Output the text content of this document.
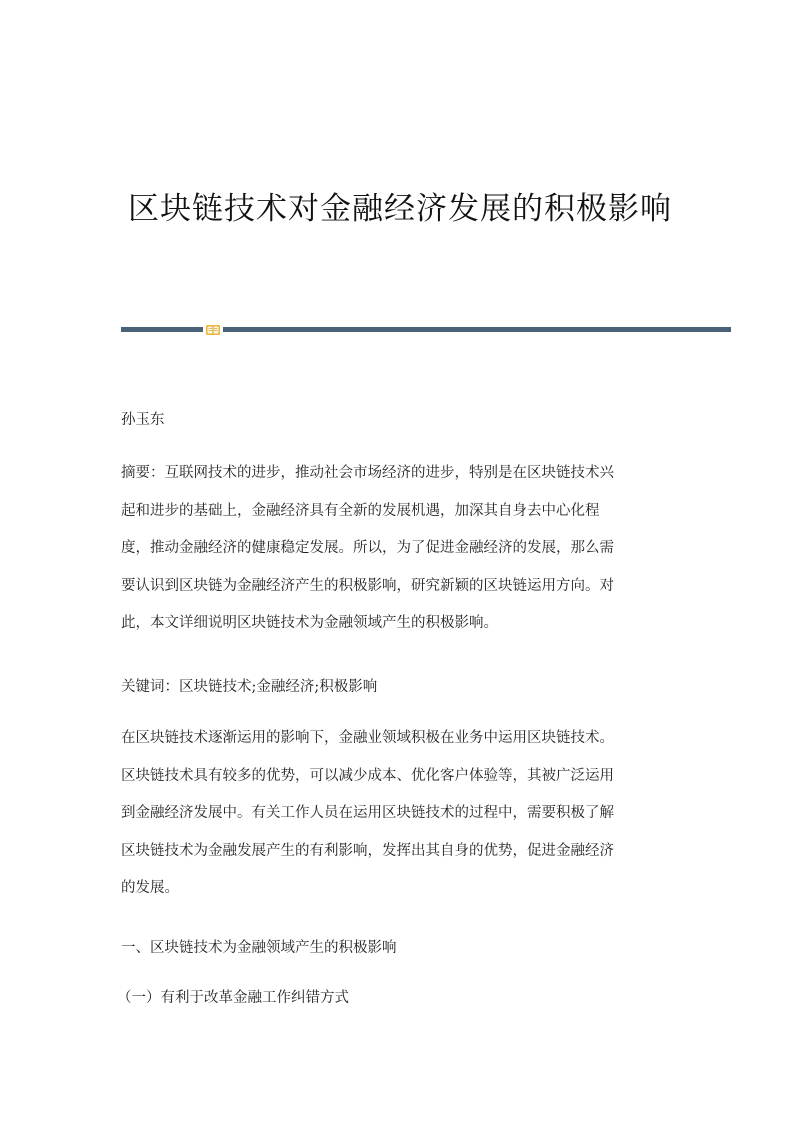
区块链技术对金融经济发展的积极影响
孙玉东
摘要：互联网技术的进步，推动社会市场经济的进步，特别是在区块链技术兴
起和进步的基础上，金融经济具有全新的发展机遇，加深其自身去中心化程
度，推动金融经济的健康稳定发展。所以，为了促进金融经济的发展，那么需
要认识到区块链为金融经济产生的积极影响，研究新颖的区块链运用方向。对
此，本文详细说明区块链技术为金融领域产生的积极影响。
关键词：区块链技术;金融经济;积极影响
在区块链技术逐渐运用的影响下，金融业领域积极在业务中运用区块链技术。
区块链技术具有较多的优势，可以减少成本、优化客户体验等，其被广泛运用
到金融经济发展中。有关工作人员在运用区块链技术的过程中，需要积极了解
区块链技术为金融发展产生的有利影响，发挥出其自身的优势，促进金融经济
的发展。
一、区块链技术为金融领域产生的积极影响
（一）有利于改革金融工作纠错方式
